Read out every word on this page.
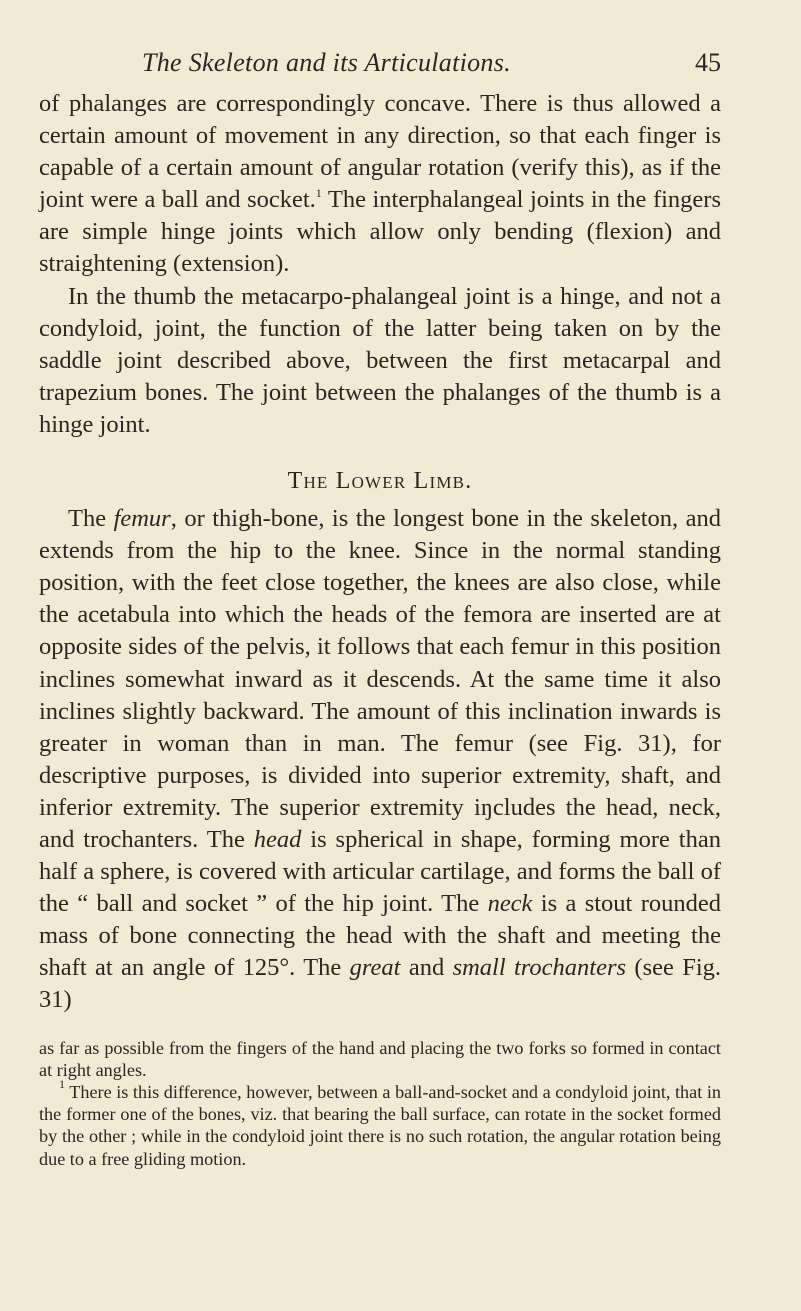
The Skeleton and its Articulations.	45

of phalanges are correspondingly concave. There is thus allowed a certain amount of movement in any direction, so that each finger is capable of a certain amount of angular rotation (verify this), as if the joint were a ball and socket.$^1$ The interphalangeal joints in the fingers are simple hinge joints which allow only bending (flexion) and straightening (extension).

In the thumb the metacarpo-phalangeal joint is a hinge, and not a condyloid, joint, the function of the latter being taken on by the saddle joint described above, between the first metacarpal and trapezium bones. The joint between the phalanges of the thumb is a hinge joint.

The Lower Limb.

The femur, or thigh-bone, is the longest bone in the skeleton, and extends from the hip to the knee. Since in the normal standing position, with the feet close together, the knees are also close, while the acetabula into which the heads of the femora are inserted are at opposite sides of the pelvis, it follows that each femur in this position inclines somewhat inward as it descends. At the same time it also inclines slightly backward. The amount of this inclination inwards is greater in woman than in man. The femur (see Fig. 31), for descriptive purposes, is divided into superior extremity, shaft, and inferior extremity. The superior extremity iŋcludes the head, neck, and trochanters. The head is spherical in shape, forming more than half a sphere, is covered with articular cartilage, and forms the ball of the “ ball and socket ” of the hip joint. The neck is a stout rounded mass of bone connecting the head with the shaft and meeting the shaft at an angle of 125°. The great and small trochanters (see Fig. 31)

as far as possible from the fingers of the hand and placing the two forks so formed in contact at right angles.

$^1$ There is this difference, however, between a ball-and-socket and a condyloid joint, that in the former one of the bones, viz. that bearing the ball surface, can rotate in the socket formed by the other ; while in the condyloid joint there is no such rotation, the angular rotation being due to a free gliding motion.
